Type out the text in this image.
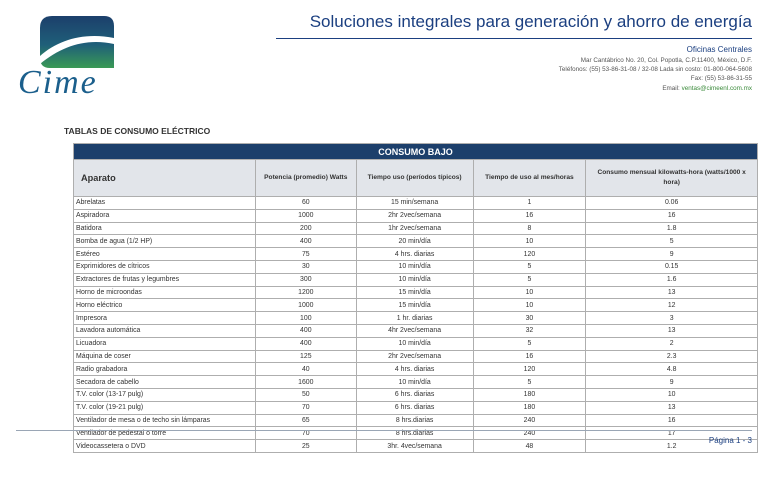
Cime
Soluciones integrales para generación y ahorro de energía
Oficinas Centrales
Mar Cantábrico No. 20, Col. Popotla, C.P.11400, México, D.F.
Teléfonos: (55) 53-86-31-08 / 32-08 Lada sin costo: 01-800-064-5608
Fax: (55) 53-86-31-55
Email: ventas@cimeenl.com.mx
TABLAS DE CONSUMO ELÉCTRICO
CONSUMO BAJO				
Aparato	Potencia (promedio) Watts	Tiempo uso (períodos típicos)	Tiempo de uso al mes/horas	Consumo mensual kilowatts-hora (watts/1000 x hora)
Abrelatas	60	15 min/semana	1	0.06
Aspiradora	1000	2hr 2vec/semana	16	16
Batidora	200	1hr 2vec/semana	8	1.8
Bomba de agua (1/2 HP)	400	20 min/día	10	5
Estéreo	75	4 hrs. diarias	120	9
Exprimidores de cítricos	30	10 min/día	5	0.15
Extractores de frutas y legumbres	300	10 min/día	5	1.6
Horno de microondas	1200	15 min/día	10	13
Horno eléctrico	1000	15 min/día	10	12
Impresora	100	1 hr. diarias	30	3
Lavadora automática	400	4hr 2vec/semana	32	13
Licuadora	400	10 min/día	5	2
Máquina de coser	125	2hr 2vec/semana	16	2.3
Radio grabadora	40	4 hrs. diarias	120	4.8
Secadora de cabello	1600	10 min/día	5	9
T.V. color (13-17 pulg)	50	6 hrs. diarias	180	10
T.V. color (19-21 pulg)	70	6 hrs. diarias	180	13
Ventilador de mesa o de techo sin lámparas	65	8 hrs.diarias	240	16
Ventilador de pedestal o torre	70	8 hrs.diarias	240	17
Videocassetera o DVD	25	3hr. 4vec/semana	48	1.2
Página 1 - 3
